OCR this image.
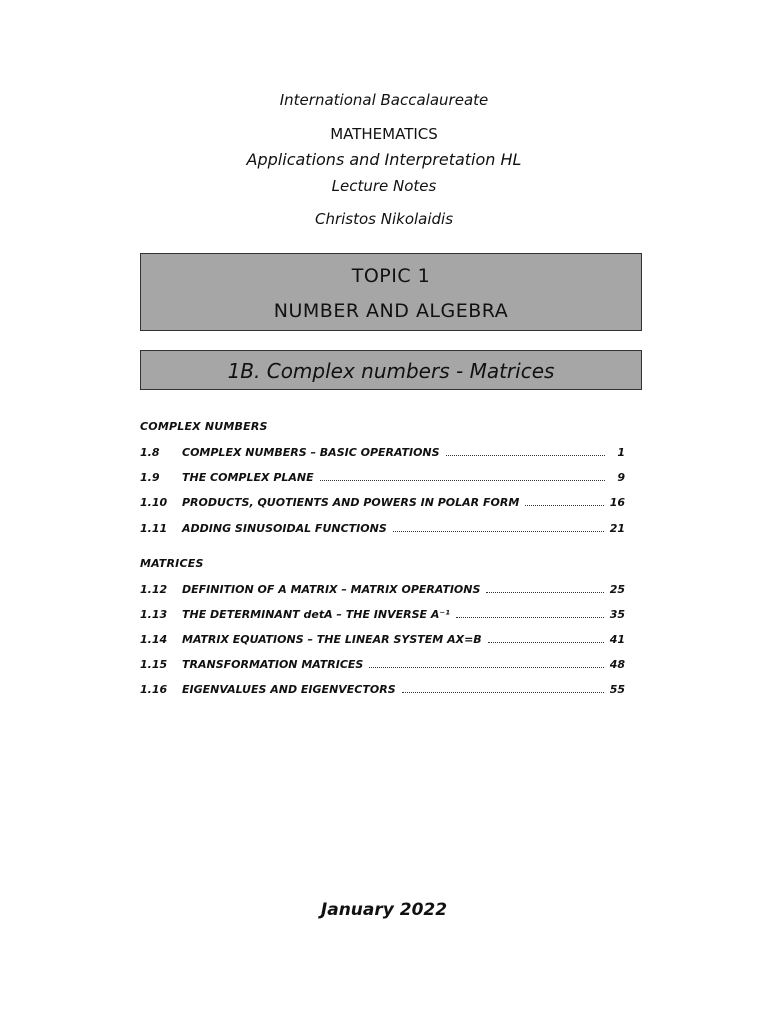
International Baccalaureate
MATHEMATICS
Applications and Interpretation HL
Lecture Notes
Christos Nikolaidis
TOPIC 1
NUMBER AND ALGEBRA
1B. Complex numbers - Matrices
COMPLEX NUMBERS
1.8	COMPLEX NUMBERS – BASIC OPERATIONS	1
1.9	THE COMPLEX PLANE	9
1.10	PRODUCTS, QUOTIENTS AND POWERS IN POLAR FORM	16
1.11	ADDING SINUSOIDAL FUNCTIONS	21
MATRICES
1.12	DEFINITION OF A MATRIX – MATRIX OPERATIONS	25
1.13	THE DETERMINANT detA – THE INVERSE A⁻¹	35
1.14	MATRIX EQUATIONS – THE LINEAR SYSTEM AX=B	41
1.15	TRANSFORMATION MATRICES	48
1.16	EIGENVALUES AND EIGENVECTORS	55
January 2022
